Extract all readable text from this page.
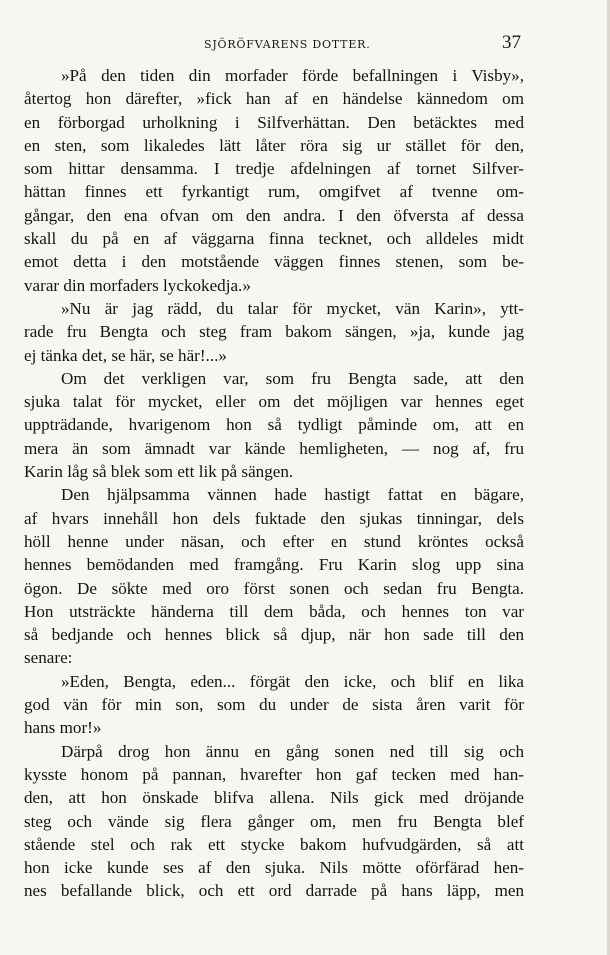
SJÖRÖFVARENS DOTTER.	37
»På den tiden din morfader förde befallningen i Visby»,
återtog hon därefter, »fick han af en händelse kännedom om
en förborgad urholkning i Silfverhättan. Den betäcktes med
en sten, som likaledes lätt låter röra sig ur stället för den,
som hittar densamma. I tredje afdelningen af tornet Silfver-
hättan finnes ett fyrkantigt rum, omgifvet af tvenne om-
gångar, den ena ofvan om den andra. I den öfversta af dessa
skall du på en af väggarna finna tecknet, och alldeles midt
emot detta i den motstående väggen finnes stenen, som be-
varar din morfaders lyckokedja.»
»Nu är jag rädd, du talar för mycket, vän Karin», ytt-
rade fru Bengta och steg fram bakom sängen, »ja, kunde jag
ej tänka det, se här, se här!...»
Om det verkligen var, som fru Bengta sade, att den
sjuka talat för mycket, eller om det möjligen var hennes eget
uppträdande, hvarigenom hon så tydligt påminde om, att en
mera än som ämnadt var kände hemligheten, — nog af, fru
Karin låg så blek som ett lik på sängen.
Den hjälpsamma vännen hade hastigt fattat en bägare,
af hvars innehåll hon dels fuktade den sjukas tinningar, dels
höll henne under näsan, och efter en stund kröntes också
hennes bemödanden med framgång. Fru Karin slog upp sina
ögon. De sökte med oro först sonen och sedan fru Bengta.
Hon utsträckte händerna till dem båda, och hennes ton var
så bedjande och hennes blick så djup, när hon sade till den
senare:
»Eden, Bengta, eden... förgät den icke, och blif en lika
god vän för min son, som du under de sista åren varit för
hans mor!»
Därpå drog hon ännu en gång sonen ned till sig och
kysste honom på pannan, hvarefter hon gaf tecken med han-
den, att hon önskade blifva allena. Nils gick med dröjande
steg och vände sig flera gånger om, men fru Bengta blef
stående stel och rak ett stycke bakom hufvudgärden, så att
hon icke kunde ses af den sjuka. Nils mötte oförfärad hen-
nes befallande blick, och ett ord darrade på hans läpp, men
